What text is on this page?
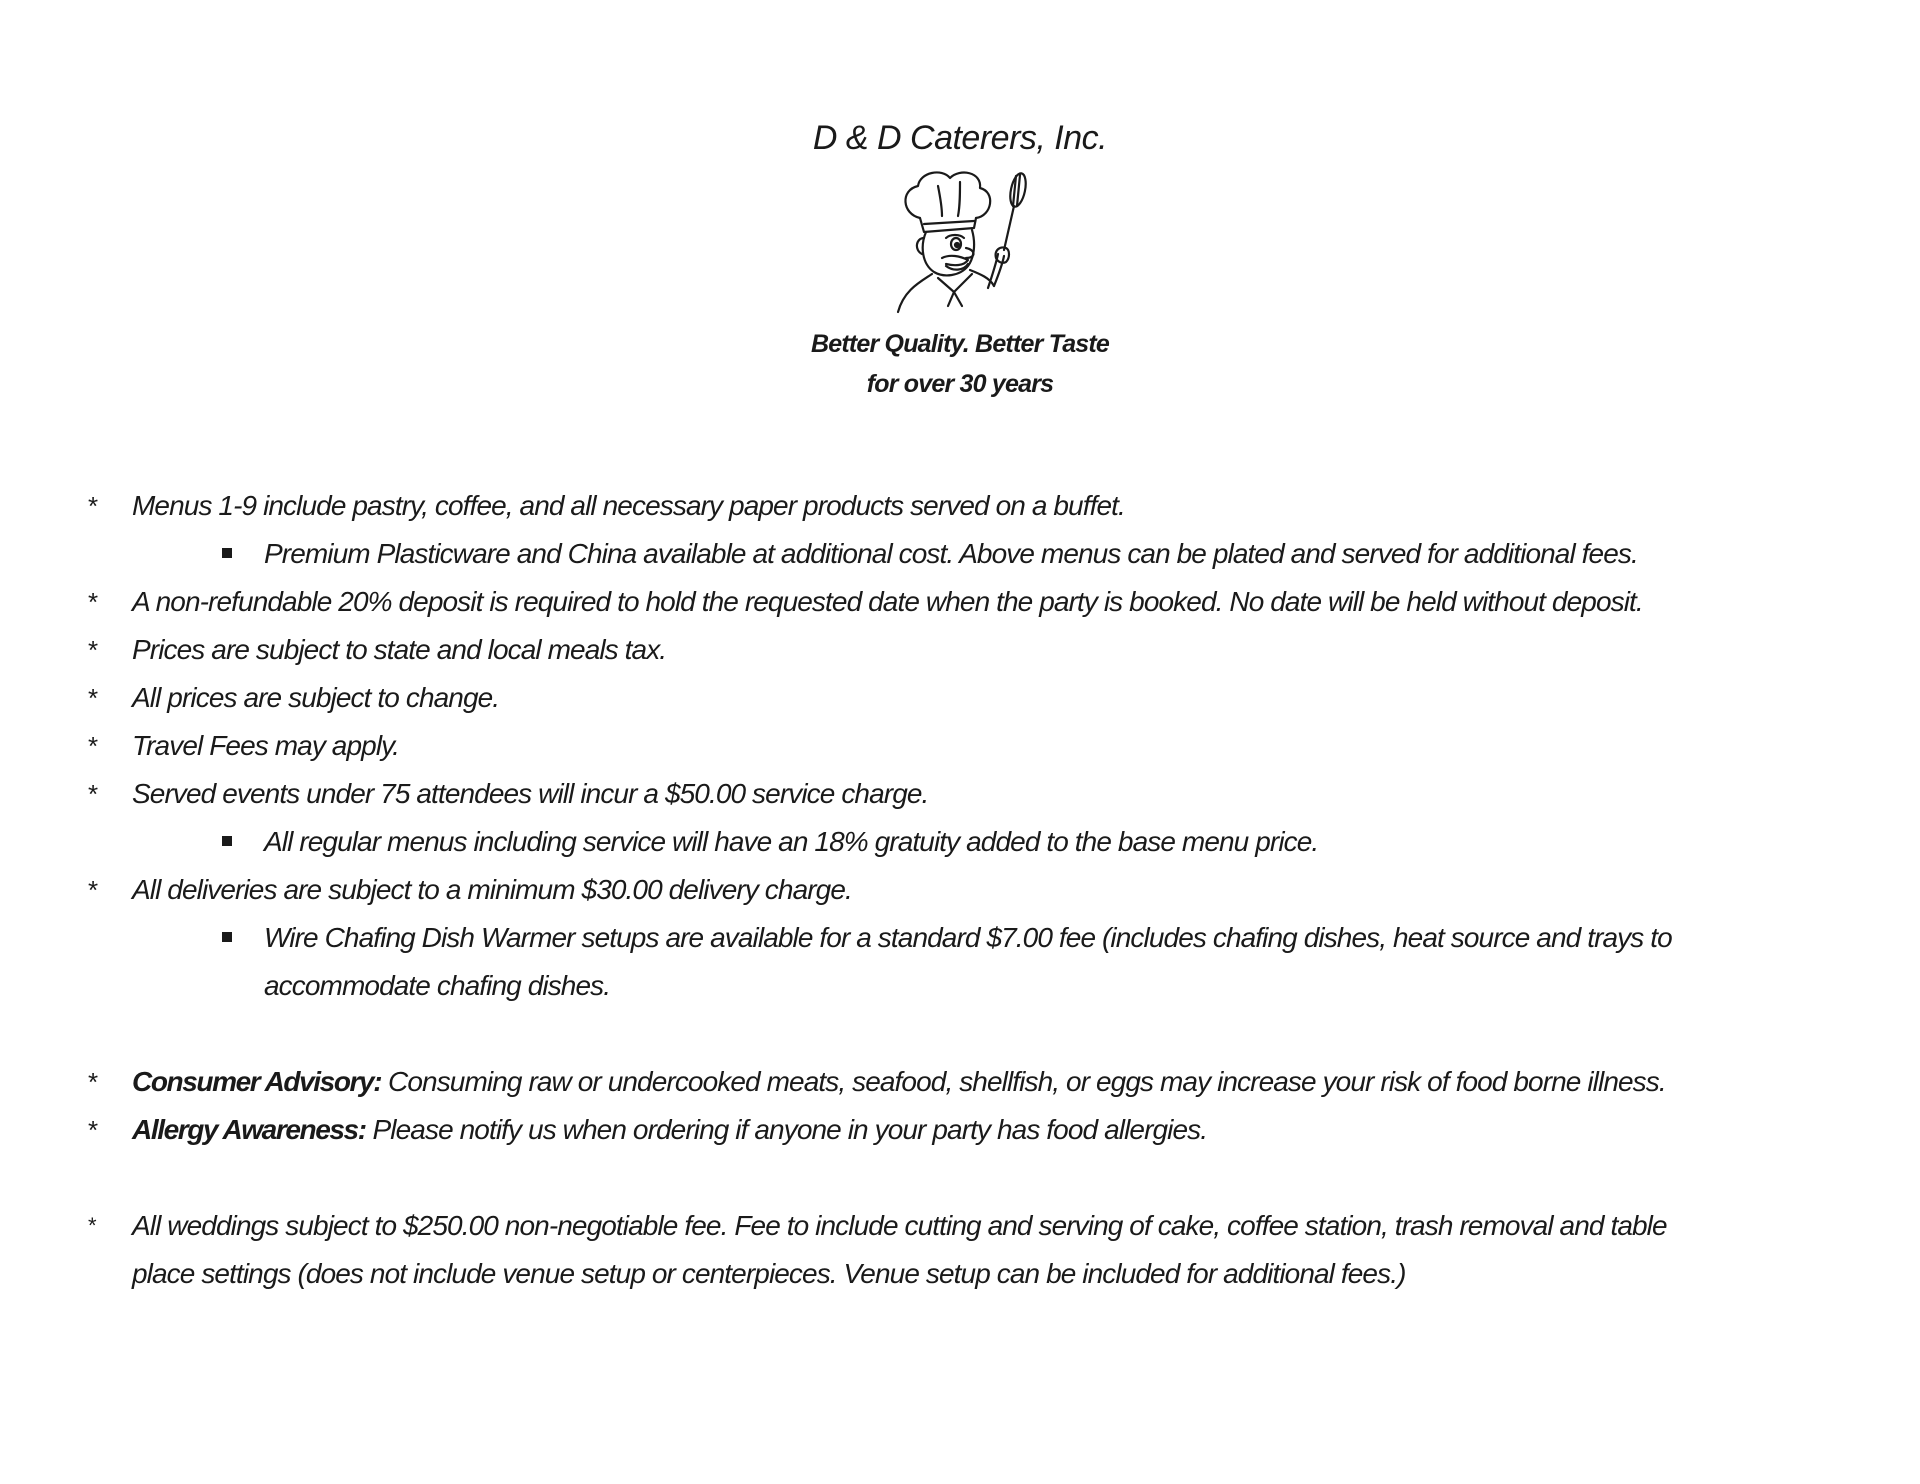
D & D Caterers, Inc.
Better Quality. Better Taste
for over 30 years
* Menus 1-9 include pastry, coffee, and all necessary paper products served on a buffet.
Premium Plasticware and China available at additional cost. Above menus can be plated and served for additional fees.
* A non-refundable 20% deposit is required to hold the requested date when the party is booked. No date will be held without deposit.
* Prices are subject to state and local meals tax.
* All prices are subject to change.
* Travel Fees may apply.
* Served events under 75 attendees will incur a $50.00 service charge.
All regular menus including service will have an 18% gratuity added to the base menu price.
* All deliveries are subject to a minimum $30.00 delivery charge.
Wire Chafing Dish Warmer setups are available for a standard $7.00 fee (includes chafing dishes, heat source and trays to
accommodate chafing dishes.
* Consumer Advisory: Consuming raw or undercooked meats, seafood, shellfish, or eggs may increase your risk of food borne illness.
* Allergy Awareness: Please notify us when ordering if anyone in your party has food allergies.
* All weddings subject to $250.00 non-negotiable fee. Fee to include cutting and serving of cake, coffee station, trash removal and table
place settings (does not include venue setup or centerpieces. Venue setup can be included for additional fees.)
